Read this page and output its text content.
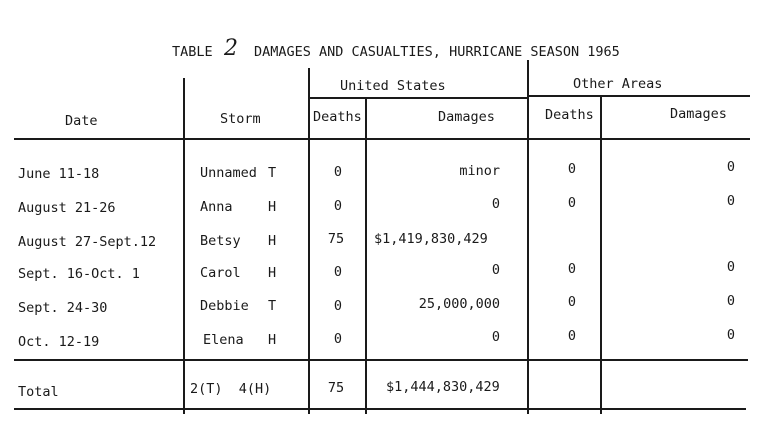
TABLE 2 DAMAGES AND CASUALTIES, HURRICANE SEASON 1965
United States	Other Areas
Date	Storm	Deaths	Damages	Deaths	Damages
June 11-18	Unnamed T	0	minor	0	0
August 21-26	Anna	H	0	0	0	0
August 27-Sept.12	Betsy H	75	$1,419,830,429
Sept. 16-Oct. 1	Carol H	0	0	0	0
Sept. 24-30	Debbie T	0	25,000,000	0	0
Oct. 12-19	Elena H	0	0	0	0
Total	2(T)  4(H)	75	$1,444,830,429
